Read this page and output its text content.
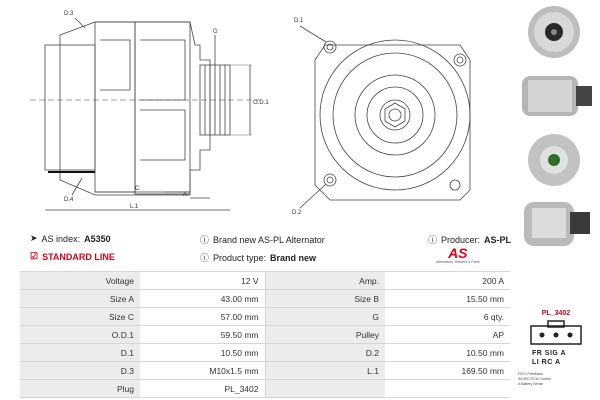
D.3
G
O.D.1
D.4
C
A
L.1
D.1
D.2
➤ AS index: A5350	ⓘ Brand new AS-PL Alternator	ⓘ Producer: AS-PL
☑ STANDARD LINE	ⓘ Product type: Brand new	AS
Alternators, Starters & Parts
Voltage	12 V	Amp.	200 A
Size A	43.00 mm	Size B	15.50 mm
Size C	57.00 mm	G	6 qty.
O.D.1	59.50 mm	Pulley	AP
D.1	10.50 mm	D.2	10.50 mm
D.3	M10x1.5 mm	L.1	169.50 mm
Plug	PL_3402		
PL_3402
FR SIG A
LI RC A
FR/LI Feedback
SIG/RC ECU Control
A Battery Sense
